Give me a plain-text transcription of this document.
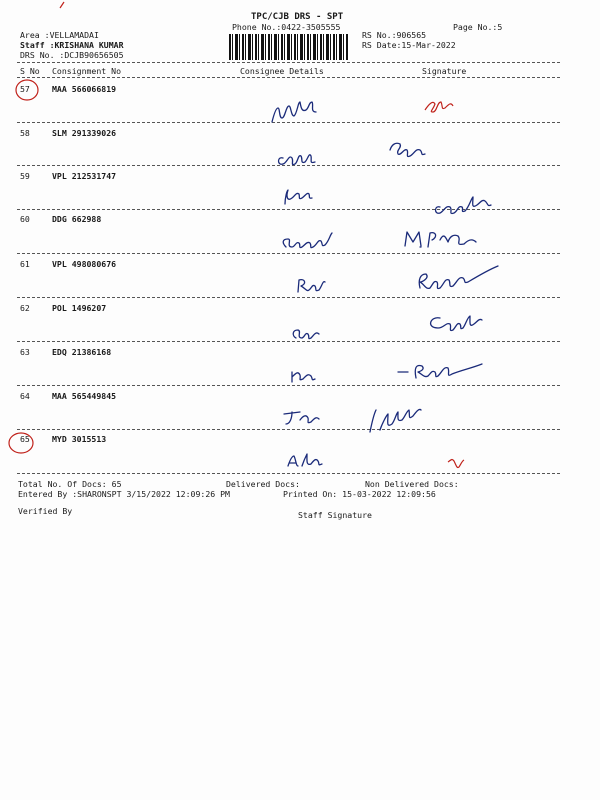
TPC/CJB DRS - SPT
Phone No.:0422-3505555	Page No.:5
Area :VELLAMADAI
Staff :KRISHANA KUMAR
DRS No. :DCJB90656505
RS No.:906565
RS Date:15-Mar-2022
S No Consignment No	Consignee Details	Signature
57	MAA 566066819
58	SLM 291339026
59	VPL 212531747
60	DDG 662988
61	VPL 498080676
62	POL 1496207
63	EDQ 21386168
64	MAA 565449845
65	MYD 3015513
Total No. Of Docs: 65	Delivered Docs:	Non Delivered Docs:
Entered By :SHARONSPT 3/15/2022 12:09:26 PM	Printed On: 15-03-2022 12:09:56
Verified By	Staff Signature
